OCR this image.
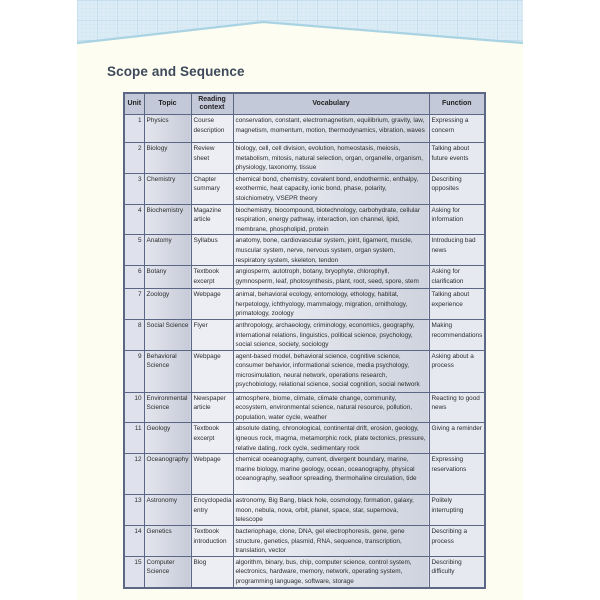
Scope and Sequence
Unit	Topic	Reading context	Vocabulary	Function
1	Physics	Course description	conservation, constant, electromagnetism, equilibrium, gravity, law, magnetism, momentum, motion, thermodynamics, vibration, waves	Expressing a concern
2	Biology	Review sheet	biology, cell, cell division, evolution, homeostasis, meiosis, metabolism, mitosis, natural selection, organ, organelle, organism, physiology, taxonomy, tissue	Talking about future events
3	Chemistry	Chapter summary	chemical bond, chemistry, covalent bond, endothermic, enthalpy, exothermic, heat capacity, ionic bond, phase, polarity, stoichiometry, VSEPR theory	Describing opposites
4	Biochemistry	Magazine article	biochemistry, biocompound, biotechnology, carbohydrate, cellular respiration, energy pathway, interaction, ion channel, lipid, membrane, phospholipid, protein	Asking for information
5	Anatomy	Syllabus	anatomy, bone, cardiovascular system, joint, ligament, muscle, muscular system, nerve, nervous system, organ system, respiratory system, skeleton, tendon	Introducing bad news
6	Botany	Textbook excerpt	angiosperm, autotroph, botany, bryophyte, chlorophyll, gymnosperm, leaf, photosynthesis, plant, root, seed, spore, stem	Asking for clarification
7	Zoology	Webpage	animal, behavioral ecology, entomology, ethology, habitat, herpetology, ichthyology, mammalogy, migration, ornithology, primatology, zoology	Talking about experience
8	Social Science	Flyer	anthropology, archaeology, criminology, economics, geography, international relations, linguistics, political science, psychology, social science, society, sociology	Making recommendations
9	Behavioral Science	Webpage	agent-based model, behavioral science, cognitive science, consumer behavior, informational science, media psychology, microsimulation, neural network, operations research, psychobiology, relational science, social cognition, social network	Asking about a process
10	Environmental Science	Newspaper article	atmosphere, biome, climate, climate change, community, ecosystem, environmental science, natural resource, pollution, population, water cycle, weather	Reacting to good news
11	Geology	Textbook excerpt	absolute dating, chronological, continental drift, erosion, geology, igneous rock, magma, metamorphic rock, plate tectonics, pressure, relative dating, rock cycle, sedimentary rock	Giving a reminder
12	Oceanography	Webpage	chemical oceanography, current, divergent boundary, marine, marine biology, marine geology, ocean, oceanography, physical oceanography, seafloor spreading, thermohaline circulation, tide	Expressing reservations
13	Astronomy	Encyclopedia entry	astronomy, Big Bang, black hole, cosmology, formation, galaxy, moon, nebula, nova, orbit, planet, space, star, supernova, telescope	Politely interrupting
14	Genetics	Textbook introduction	bacteriophage, clone, DNA, gel electrophoresis, gene, gene structure, genetics, plasmid, RNA, sequence, transcription, translation, vector	Describing a process
15	Computer Science	Blog	algorithm, binary, bus, chip, computer science, control system, electronics, hardware, memory, network, operating system, programming language, software, storage	Describing difficulty
